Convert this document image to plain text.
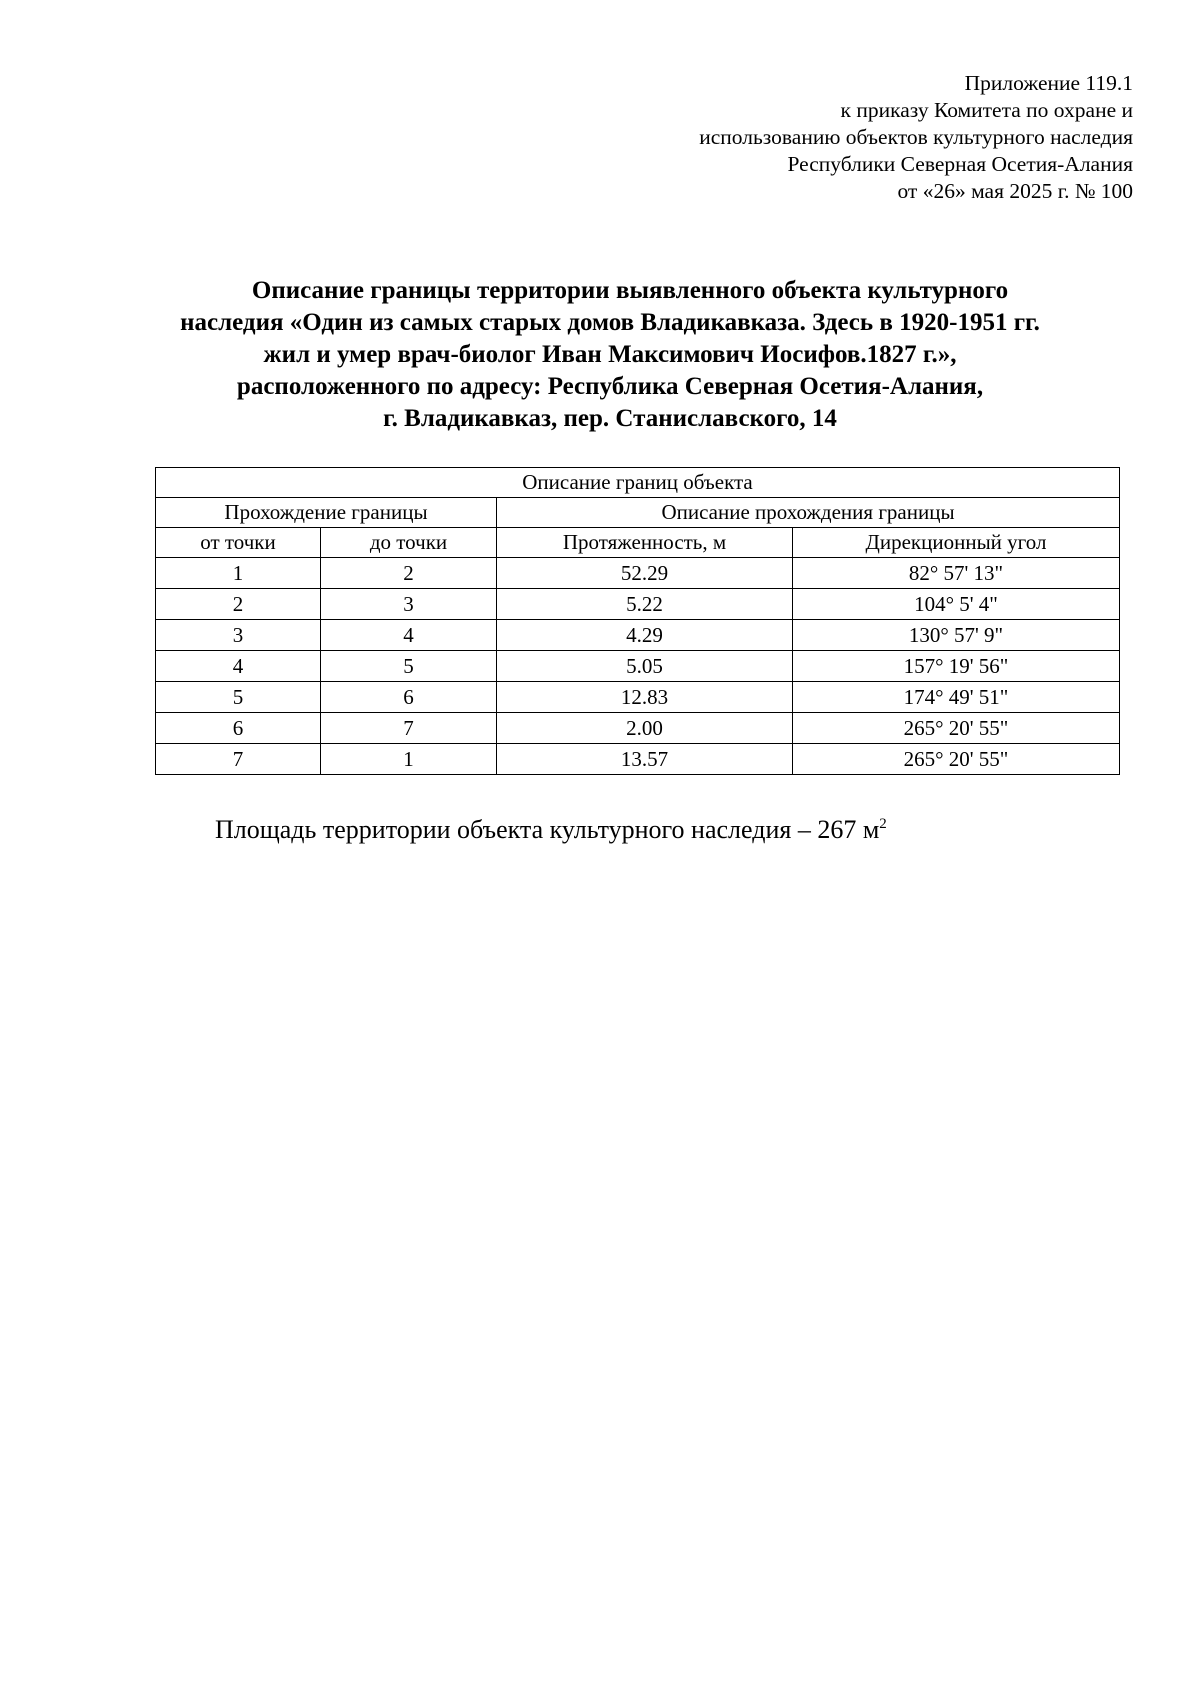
Приложение 119.1
к приказу Комитета по охране и
использованию объектов культурного наследия
Республики Северная Осетия-Алания
от «26» мая 2025 г. № 100
Описание границы территории выявленного объекта культурного
наследия «Один из самых старых домов Владикавказа. Здесь в 1920-1951 гг.
жил и умер врач-биолог Иван Максимович Иосифов.1827 г.»,
расположенного по адресу: Республика Северная Осетия-Алания,
г. Владикавказ, пер. Станиславского, 14
Описание границ объекта			
Прохождение границы		Описание прохождения границы	
от точки	до точки	Протяженность, м	Дирекционный угол
1	2	52.29	82° 57' 13"
2	3	5.22	104° 5' 4"
3	4	4.29	130° 57' 9"
4	5	5.05	157° 19' 56"
5	6	12.83	174° 49' 51"
6	7	2.00	265° 20' 55"
7	1	13.57	265° 20' 55"
Площадь территории объекта культурного наследия – 267 $м^2$
